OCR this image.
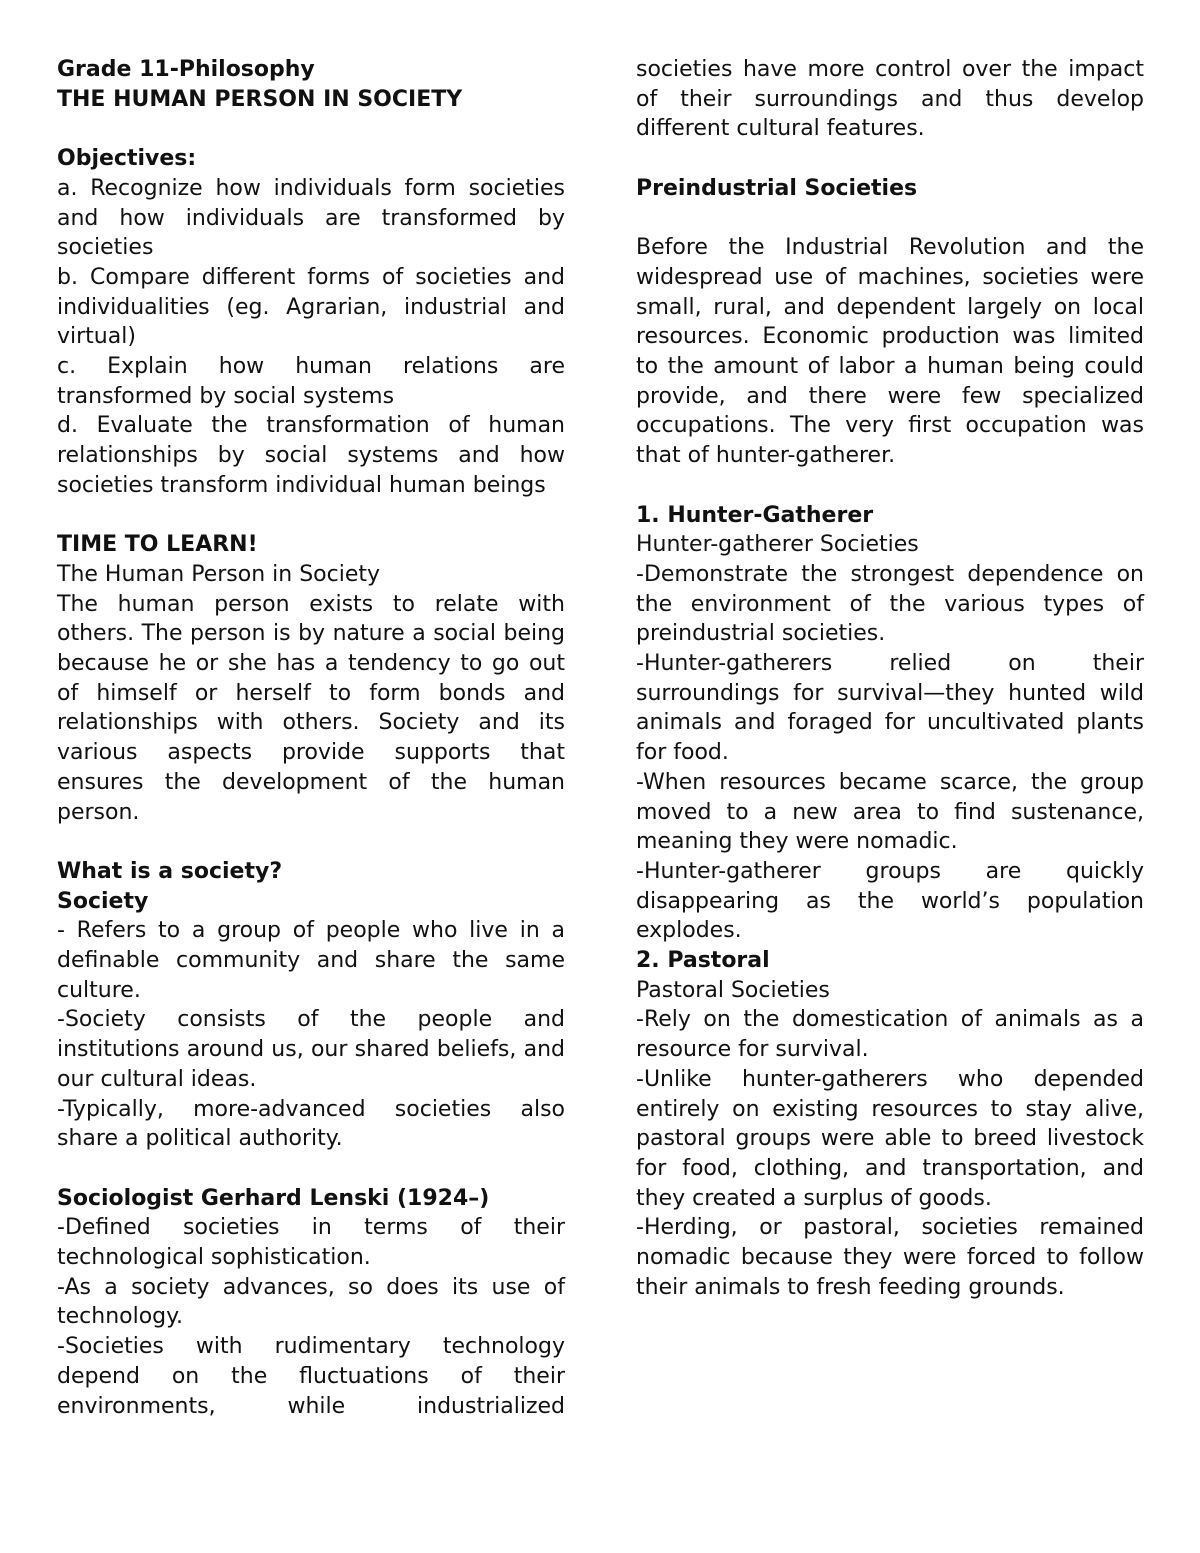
Grade 11-Philosophy

THE HUMAN PERSON IN SOCIETY

Objectives:

a. Recognize how individuals form societies and how individuals are transformed by societies

b. Compare different forms of societies and individualities (eg. Agrarian, industrial and virtual)

c. Explain how human relations are transformed by social systems

d. Evaluate the transformation of human relationships by social systems and how societies transform individual human beings

TIME TO LEARN!

The Human Person in Society

The human person exists to relate with others. The person is by nature a social being because he or she has a tendency to go out of himself or herself to form bonds and relationships with others. Society and its various aspects provide supports that ensures the development of the human person.

What is a society?

Society

- Refers to a group of people who live in a definable community and share the same culture.

-Society consists of the people and institutions around us, our shared beliefs, and our cultural ideas.

-Typically, more-advanced societies also share a political authority.

Sociologist Gerhard Lenski (1924–)

-Defined societies in terms of their technological sophistication.

-As a society advances, so does its use of technology.

-Societies with rudimentary technology depend on the fluctuations of their environments, while industrialized

societies have more control over the impact of their surroundings and thus develop different cultural features.

Preindustrial Societies

Before the Industrial Revolution and the widespread use of machines, societies were small, rural, and dependent largely on local resources. Economic production was limited to the amount of labor a human being could provide, and there were few specialized occupations. The very first occupation was that of hunter-gatherer.

1. Hunter-Gatherer

Hunter-gatherer Societies

-Demonstrate the strongest dependence on the environment of the various types of preindustrial societies.

-Hunter-gatherers relied on their surroundings for survival—they hunted wild animals and foraged for uncultivated plants for food.

-When resources became scarce, the group moved to a new area to find sustenance, meaning they were nomadic.

-Hunter-gatherer groups are quickly disappearing as the world’s population explodes.

2. Pastoral

Pastoral Societies

-Rely on the domestication of animals as a resource for survival.

-Unlike hunter-gatherers who depended entirely on existing resources to stay alive, pastoral groups were able to breed livestock for food, clothing, and transportation, and they created a surplus of goods.

-Herding, or pastoral, societies remained nomadic because they were forced to follow their animals to fresh feeding grounds.
